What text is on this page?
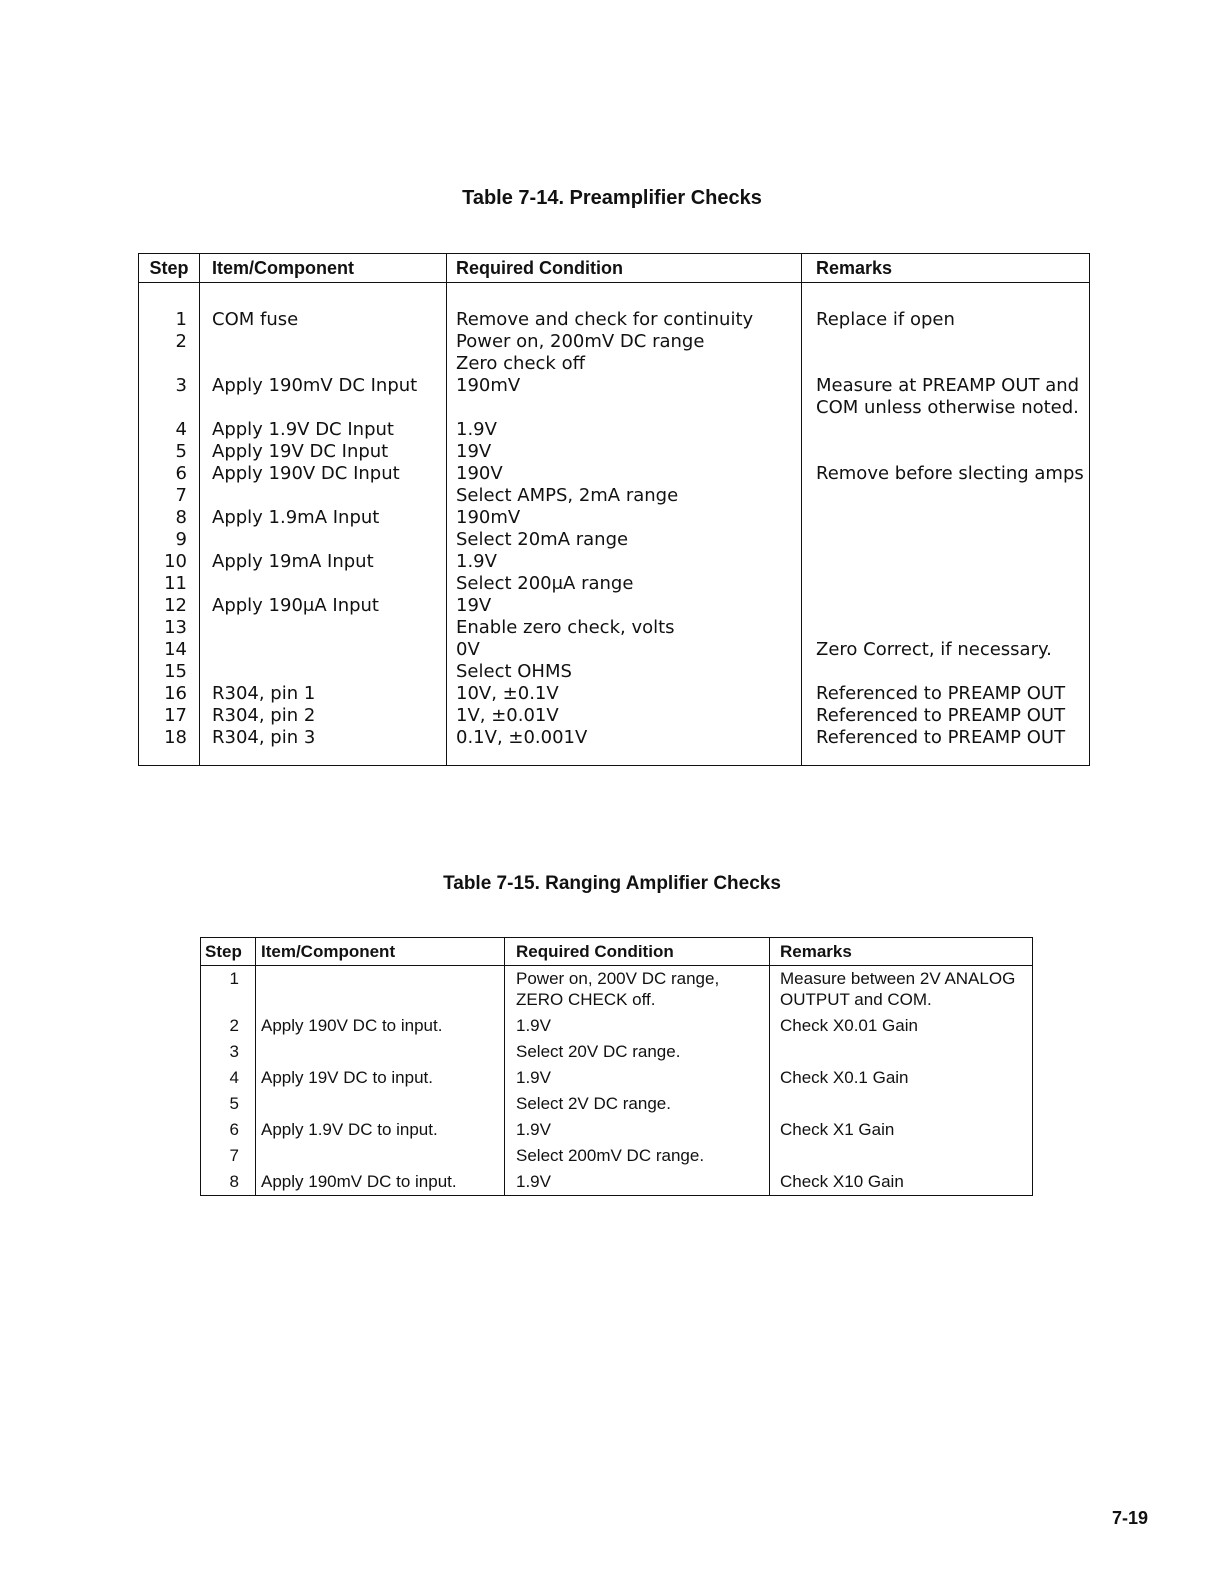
Table 7-14. Preamplifier Checks
Step	Item/Component	Required Condition	Remarks
1	COM fuse	Remove and check for continuity	Replace if open
2		Power on, 200mV DC range	
		Zero check off	
3	Apply 190mV DC Input	190mV	Measure at PREAMP OUT and
			COM unless otherwise noted.
4	Apply 1.9V DC Input	1.9V	
5	Apply 19V DC Input	19V	
6	Apply 190V DC Input	190V	Remove before slecting amps
7		Select AMPS, 2mA range	
8	Apply 1.9mA Input	190mV	
9		Select 20mA range	
10	Apply 19mA Input	1.9V	
11		Select 200μA range	
12	Apply 190μA Input	19V	
13		Enable zero check, volts	
14		0V	Zero Correct, if necessary.
15		Select OHMS	
16	R304, pin 1	10V, ±0.1V	Referenced to PREAMP OUT
17	R304, pin 2	1V, ±0.01V	Referenced to PREAMP OUT
18	R304, pin 3	0.1V, ±0.001V	Referenced to PREAMP OUT
Table 7-15. Ranging Amplifier Checks
Step	Item/Component	Required Condition	Remarks
1		Power on, 200V DC range, ZERO CHECK off.	Measure between 2V ANALOG OUTPUT and COM.
2	Apply 190V DC to input.	1.9V	Check X0.01 Gain
3		Select 20V DC range.	
4	Apply 19V DC to input.	1.9V	Check X0.1 Gain
5		Select 2V DC range.	
6	Apply 1.9V DC to input.	1.9V	Check X1 Gain
7		Select 200mV DC range.	
8	Apply 190mV DC to input.	1.9V	Check X10 Gain
7-19
